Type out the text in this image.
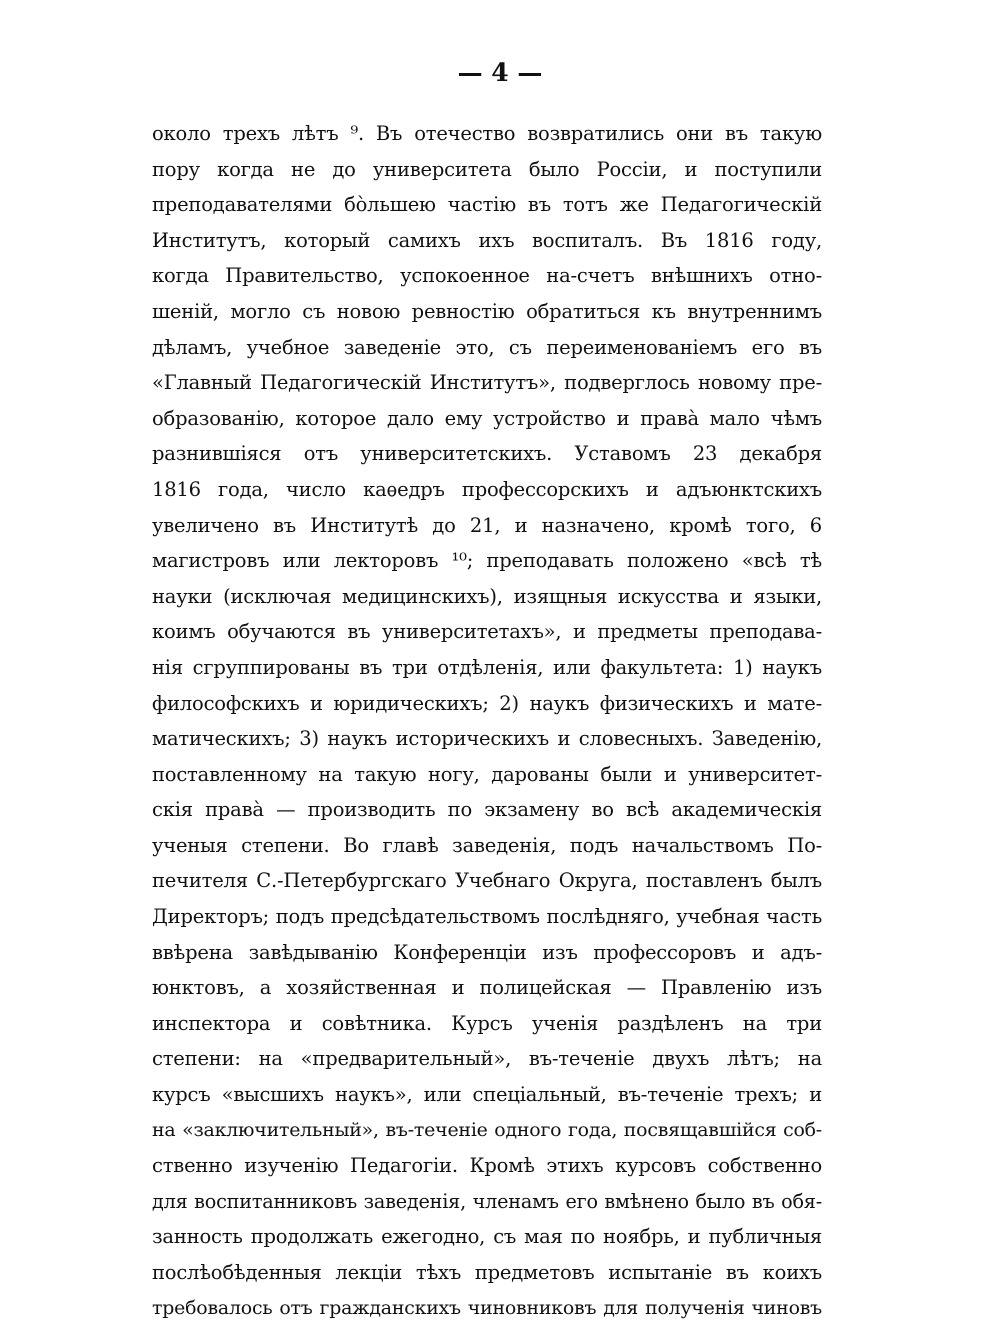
— 4 —
около трехъ лѣтъ ⁹. Въ отечество возвратились они въ такую
пору когда не до университета было Россіи, и поступили
преподавателями бо̀льшею частію въ тотъ же Педагогическій
Институтъ, который самихъ ихъ воспиталъ. Въ 1816 году,
когда Правительство, успокоенное на-счетъ внѣшнихъ отно-
шеній, могло съ новою ревностію обратиться къ внутреннимъ
дѣламъ, учебное заведеніе это, съ переименованіемъ его въ
«Главный Педагогическій Институтъ», подверглось новому пре-
образованію, которое дало ему устройство и права̀ мало чѣмъ
разнившіяся отъ университетскихъ. Уставомъ 23 декабря
1816 года, число каѳедръ профессорскихъ и адъюнктскихъ
увеличено въ Институтѣ до 21, и назначено, кромѣ того, 6
магистровъ или лекторовъ ¹⁰; преподавать положено «всѣ тѣ
науки (исключая медицинскихъ), изящныя искусства и языки,
коимъ обучаются въ университетахъ», и предметы преподава-
нія сгруппированы въ три отдѣленія, или факультета: 1) наукъ
философскихъ и юридическихъ; 2) наукъ физическихъ и мате-
матическихъ; 3) наукъ историческихъ и словесныхъ. Заведенію,
поставленному на такую ногу, дарованы были и университет-
скія права̀ — производить по экзамену во всѣ академическія
ученыя степени. Во главѣ заведенія, подъ начальствомъ По-
печителя С.-Петербургскаго Учебнаго Округа, поставленъ былъ
Директоръ; подъ предсѣдательствомъ послѣдняго, учебная часть
ввѣрена завѣдыванію Конференціи изъ профессоровъ и адъ-
юнктовъ, а хозяйственная и полицейская — Правленію изъ
инспектора и совѣтника. Курсъ ученія раздѣленъ на три
степени: на «предварительный», въ-теченіе двухъ лѣтъ; на
курсъ «высшихъ наукъ», или спеціальный, въ-теченіе трехъ; и
на «заключительный», въ-теченіе одного года, посвящавшійся соб-
ственно изученію Педагогіи. Кромѣ этихъ курсовъ собственно
для воспитанниковъ заведенія, членамъ его вмѣнено было въ обя-
занность продолжать ежегодно, съ мая по ноябрь, и публичныя
послѣобѣденныя лекціи тѣхъ предметовъ испытаніе въ коихъ
требовалось отъ гражданскихъ чиновниковъ для полученія чиновъ
